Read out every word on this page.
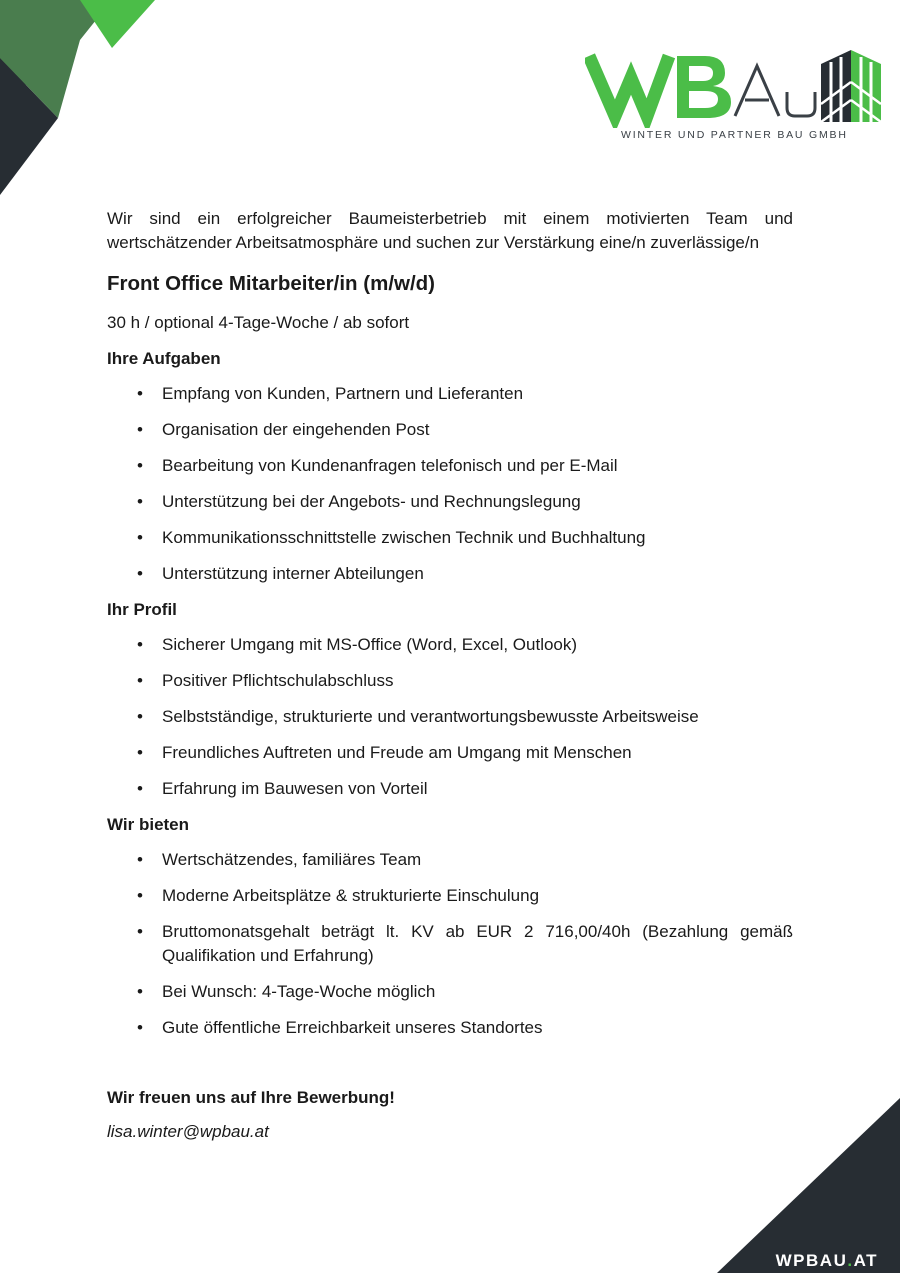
WINTER UND PARTNER BAU GMBH

Wir sind ein erfolgreicher Baumeisterbetrieb mit einem motivierten Team und wertschätzender Arbeitsatmosphäre und suchen zur Verstärkung eine/n zuverlässige/n

Front Office Mitarbeiter/in (m/w/d)

30 h / optional 4-Tage-Woche / ab sofort

Ihre Aufgaben
• Empfang von Kunden, Partnern und Lieferanten
• Organisation der eingehenden Post
• Bearbeitung von Kundenanfragen telefonisch und per E-Mail
• Unterstützung bei der Angebots- und Rechnungslegung
• Kommunikationsschnittstelle zwischen Technik und Buchhaltung
• Unterstützung interner Abteilungen
Ihr Profil
• Sicherer Umgang mit MS-Office (Word, Excel, Outlook)
• Positiver Pflichtschulabschluss
• Selbstständige, strukturierte und verantwortungsbewusste Arbeitsweise
• Freundliches Auftreten und Freude am Umgang mit Menschen
• Erfahrung im Bauwesen von Vorteil
Wir bieten
• Wertschätzendes, familiäres Team
• Moderne Arbeitsplätze & strukturierte Einschulung
• Bruttomonatsgehalt beträgt lt. KV ab EUR 2 716,00/40h (Bezahlung gemäß Qualifikation und Erfahrung)
• Bei Wunsch: 4-Tage-Woche möglich
• Gute öffentliche Erreichbarkeit unseres Standortes

Wir freuen uns auf Ihre Bewerbung!

lisa.winter@wpbau.at

WPBAU.AT
